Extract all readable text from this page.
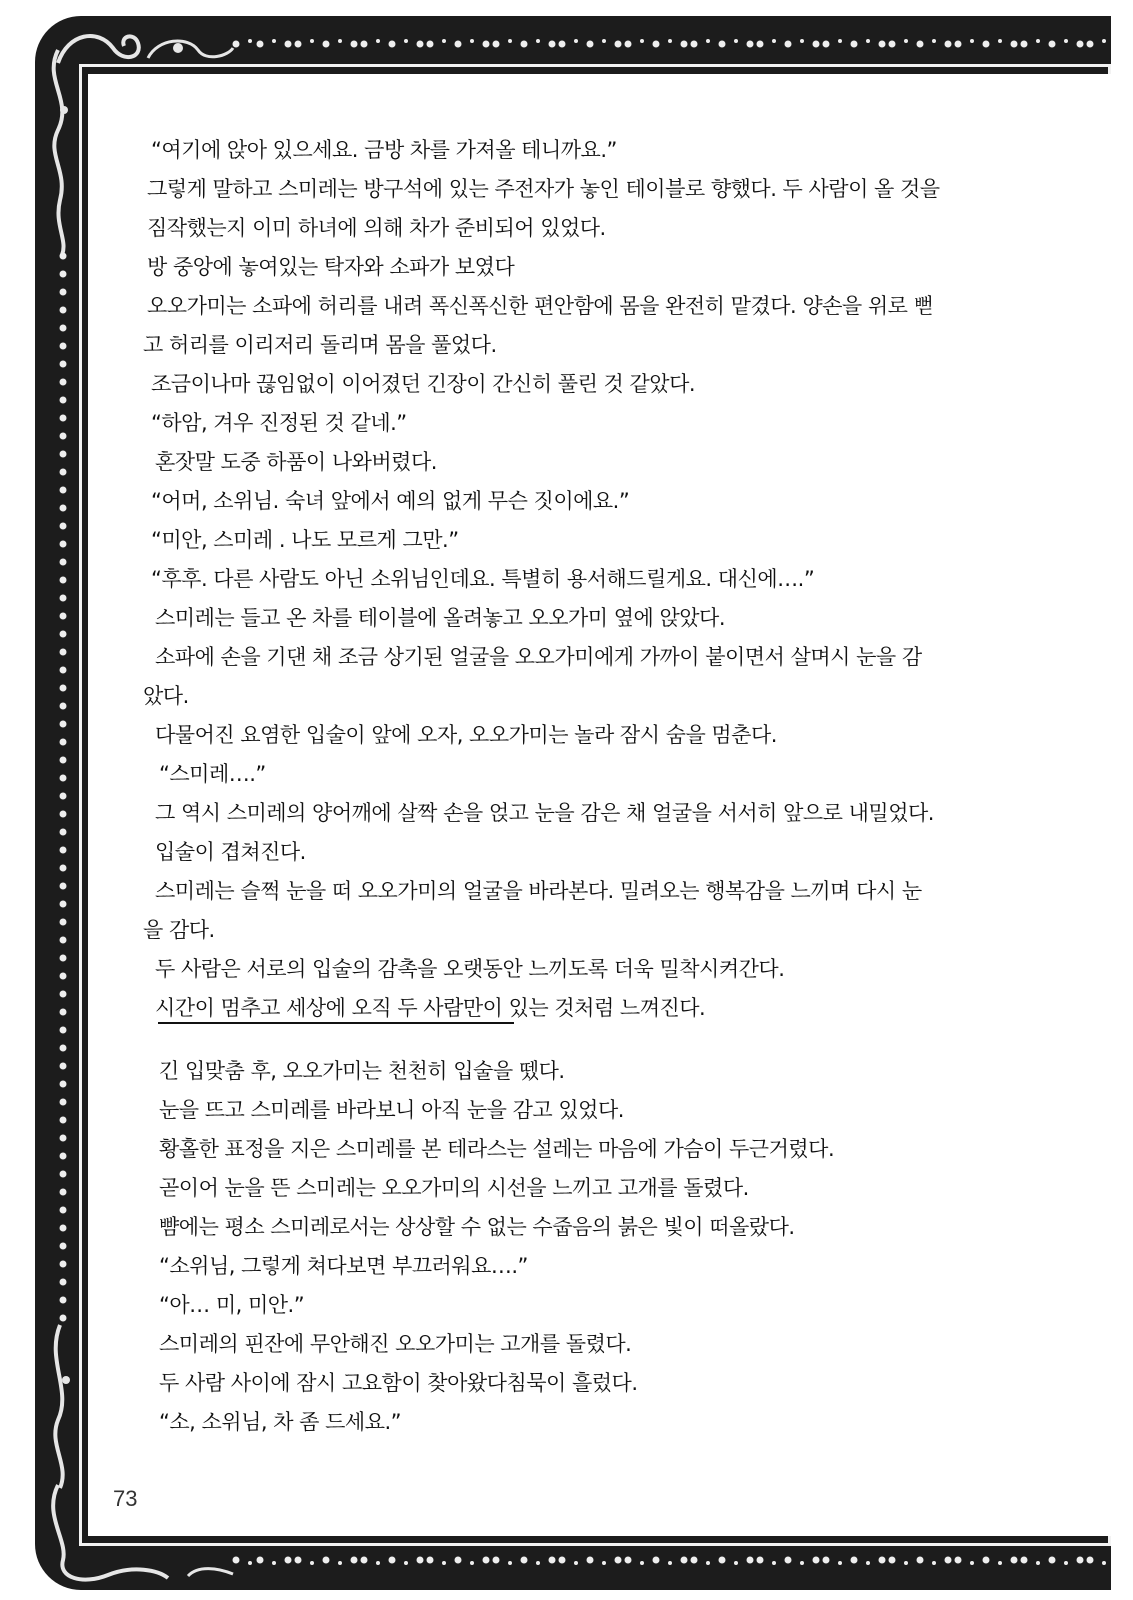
“여기에 앉아 있으세요. 금방 차를 가져올 테니까요.”
그렇게 말하고 스미레는 방구석에 있는 주전자가 놓인 테이블로 향했다. 두 사람이 올 것을
짐작했는지 이미 하녀에 의해 차가 준비되어 있었다.
방 중앙에 놓여있는 탁자와 소파가 보였다
오오가미는 소파에 허리를 내려 폭신폭신한 편안함에 몸을 완전히 맡겼다. 양손을 위로 뻗
고 허리를 이리저리 돌리며 몸을 풀었다.
조금이나마 끊임없이 이어졌던 긴장이 간신히 풀린 것 같았다.
“하암, 겨우 진정된 것 같네.”
혼잣말 도중 하품이 나와버렸다.
“어머, 소위님. 숙녀 앞에서 예의 없게 무슨 짓이에요.”
“미안, 스미레 . 나도 모르게 그만.”
“후후. 다른 사람도 아닌 소위님인데요. 특별히 용서해드릴게요. 대신에….”
스미레는 들고 온 차를 테이블에 올려놓고 오오가미 옆에 앉았다.
소파에 손을 기댄 채 조금 상기된 얼굴을 오오가미에게 가까이 붙이면서 살며시 눈을 감
았다.
다물어진 요염한 입술이 앞에 오자, 오오가미는 놀라 잠시 숨을 멈춘다.
“스미레….”
그 역시 스미레의 양어깨에 살짝 손을 얹고 눈을 감은 채 얼굴을 서서히 앞으로 내밀었다.
입술이 겹쳐진다.
스미레는 슬쩍 눈을 떠 오오가미의 얼굴을 바라본다. 밀려오는 행복감을 느끼며 다시 눈
을 감다.
두 사람은 서로의 입술의 감촉을 오랫동안 느끼도록 더욱 밀착시켜간다.
시간이 멈추고 세상에 오직 두 사람만이 있는 것처럼 느껴진다.
긴 입맞춤 후, 오오가미는 천천히 입술을 뗐다.
눈을 뜨고 스미레를 바라보니 아직 눈을 감고 있었다.
황홀한 표정을 지은 스미레를 본 테라스는 설레는 마음에 가슴이 두근거렸다.
곧이어 눈을 뜬 스미레는 오오가미의 시선을 느끼고 고개를 돌렸다.
뺨에는 평소 스미레로서는 상상할 수 없는 수줍음의 붉은 빛이 떠올랐다.
“소위님, 그렇게 쳐다보면 부끄러워요….”
“아… 미, 미안.”
스미레의 핀잔에 무안해진 오오가미는 고개를 돌렸다.
두 사람 사이에 잠시 고요함이 찾아왔다침묵이 흘렀다.
“소, 소위님, 차 좀 드세요.”
73
